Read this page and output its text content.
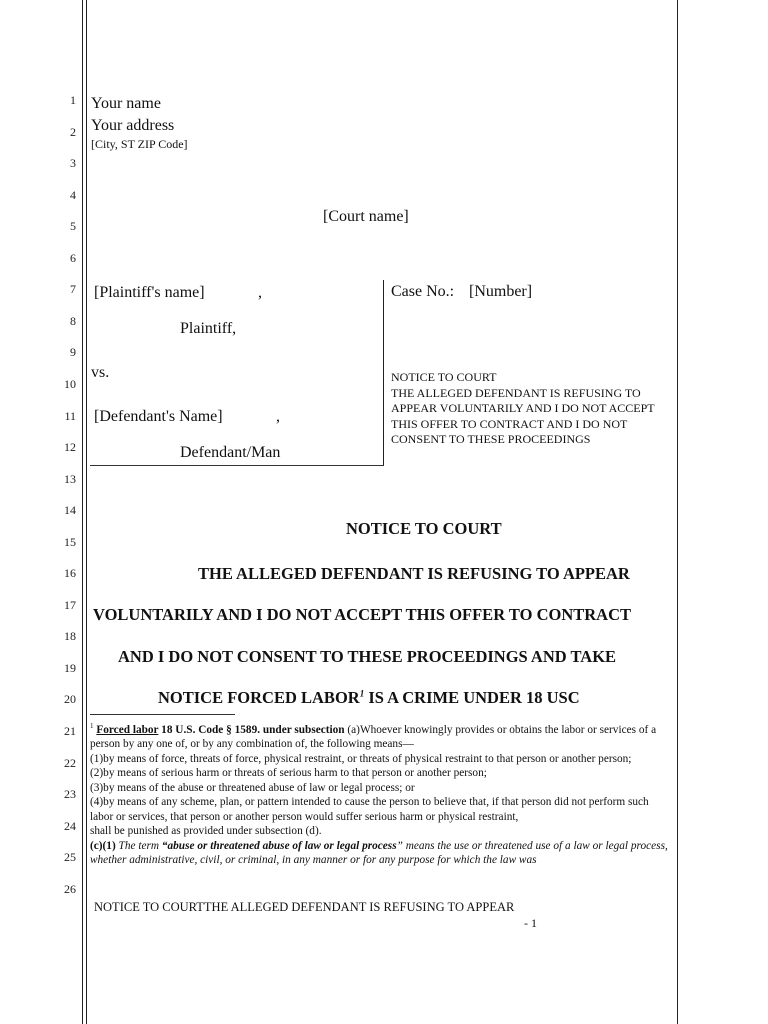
1
2
3
4
5
6
7
8
9
10
11
12
13
14
15
16
17
18
19
20
21
22
23
24
25
26
Your name
Your address
[City, ST ZIP Code]
[Court name]
[Plaintiff's name]	,
Plaintiff,
vs.
[Defendant's Name]	,
Defendant/Man
Case No.: [Number]
NOTICE TO COURT
THE ALLEGED DEFENDANT IS REFUSING TO
APPEAR VOLUNTARILY AND I DO NOT ACCEPT
THIS OFFER TO CONTRACT AND I DO NOT
CONSENT TO THESE PROCEEDINGS
NOTICE TO COURT
THE ALLEGED DEFENDANT IS REFUSING TO APPEAR
VOLUNTARILY AND I DO NOT ACCEPT THIS OFFER TO CONTRACT
AND I DO NOT CONSENT TO THESE PROCEEDINGS AND TAKE
NOTICE FORCED LABOR$^1$ IS A CRIME UNDER 18 USC

$^1$ Forced labor 18 U.S. Code § 1589. under subsection (a)Whoever knowingly provides or obtains the labor or services of a person by any one of, or by any combination of, the following means—

(1)by means of force, threats of force, physical restraint, or threats of physical restraint to that person or another person;

(2)by means of serious harm or threats of serious harm to that person or another person;

(3)by means of the abuse or threatened abuse of law or legal process; or

(4)by means of any scheme, plan, or pattern intended to cause the person to believe that, if that person did not perform such labor or services, that person or another person would suffer serious harm or physical restraint,

shall be punished as provided under subsection (d).

(c)(1) The term “abuse or threatened abuse of law or legal process” means the use or threatened use of a law or legal process, whether administrative, civil, or criminal, in any manner or for any purpose for which the law was

NOTICE TO COURTTHE ALLEGED DEFENDANT IS REFUSING TO APPEAR
- 1
